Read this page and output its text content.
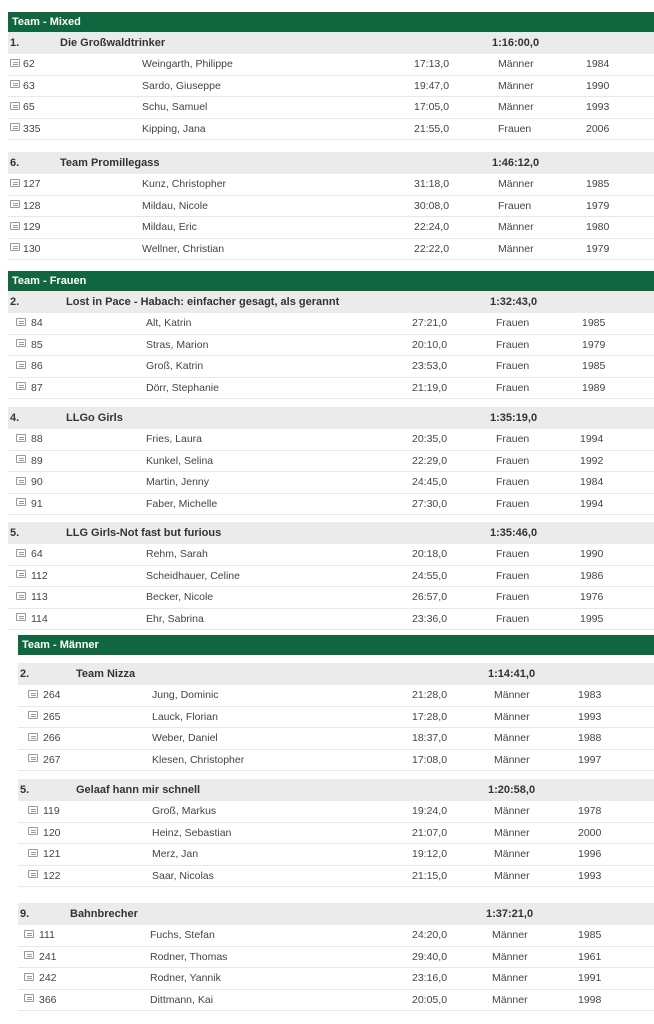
Team - Mixed
1.	Die Großwaldtrinker	1:16:00,0
62	Weingarth, Philippe	17:13,0	Männer	1984
63	Sardo, Giuseppe	19:47,0	Männer	1990
65	Schu, Samuel	17:05,0	Männer	1993
335	Kipping, Jana	21:55,0	Frauen	2006
6.	Team Promillegass	1:46:12,0
127	Kunz, Christopher	31:18,0	Männer	1985
128	Mildau, Nicole	30:08,0	Frauen	1979
129	Mildau, Eric	22:24,0	Männer	1980
130	Wellner, Christian	22:22,0	Männer	1979
Team - Frauen
2.	Lost in Pace - Habach: einfacher gesagt, als gerannt	1:32:43,0
84	Alt, Katrin	27:21,0	Frauen	1985
85	Stras, Marion	20:10,0	Frauen	1979
86	Groß, Katrin	23:53,0	Frauen	1985
87	Dörr, Stephanie	21:19,0	Frauen	1989
4.	LLGo Girls	1:35:19,0
88	Fries, Laura	20:35,0	Frauen	1994
89	Kunkel, Selina	22:29,0	Frauen	1992
90	Martin, Jenny	24:45,0	Frauen	1984
91	Faber, Michelle	27:30,0	Frauen	1994
5.	LLG Girls-Not fast but furious	1:35:46,0
64	Rehm, Sarah	20:18,0	Frauen	1990
112	Scheidhauer, Celine	24:55,0	Frauen	1986
113	Becker, Nicole	26:57,0	Frauen	1976
114	Ehr, Sabrina	23:36,0	Frauen	1995
Team - Männer
2.	Team Nizza	1:14:41,0
264	Jung, Dominic	21:28,0	Männer	1983
265	Lauck, Florian	17:28,0	Männer	1993
266	Weber, Daniel	18:37,0	Männer	1988
267	Klesen, Christopher	17:08,0	Männer	1997
5.	Gelaaf hann mir schnell	1:20:58,0
119	Groß, Markus	19:24,0	Männer	1978
120	Heinz, Sebastian	21:07,0	Männer	2000
121	Merz, Jan	19:12,0	Männer	1996
122	Saar, Nicolas	21:15,0	Männer	1993
9.	Bahnbrecher	1:37:21,0
111	Fuchs, Stefan	24:20,0	Männer	1985
241	Rodner, Thomas	29:40,0	Männer	1961
242	Rodner, Yannik	23:16,0	Männer	1991
366	Dittmann, Kai	20:05,0	Männer	1998
